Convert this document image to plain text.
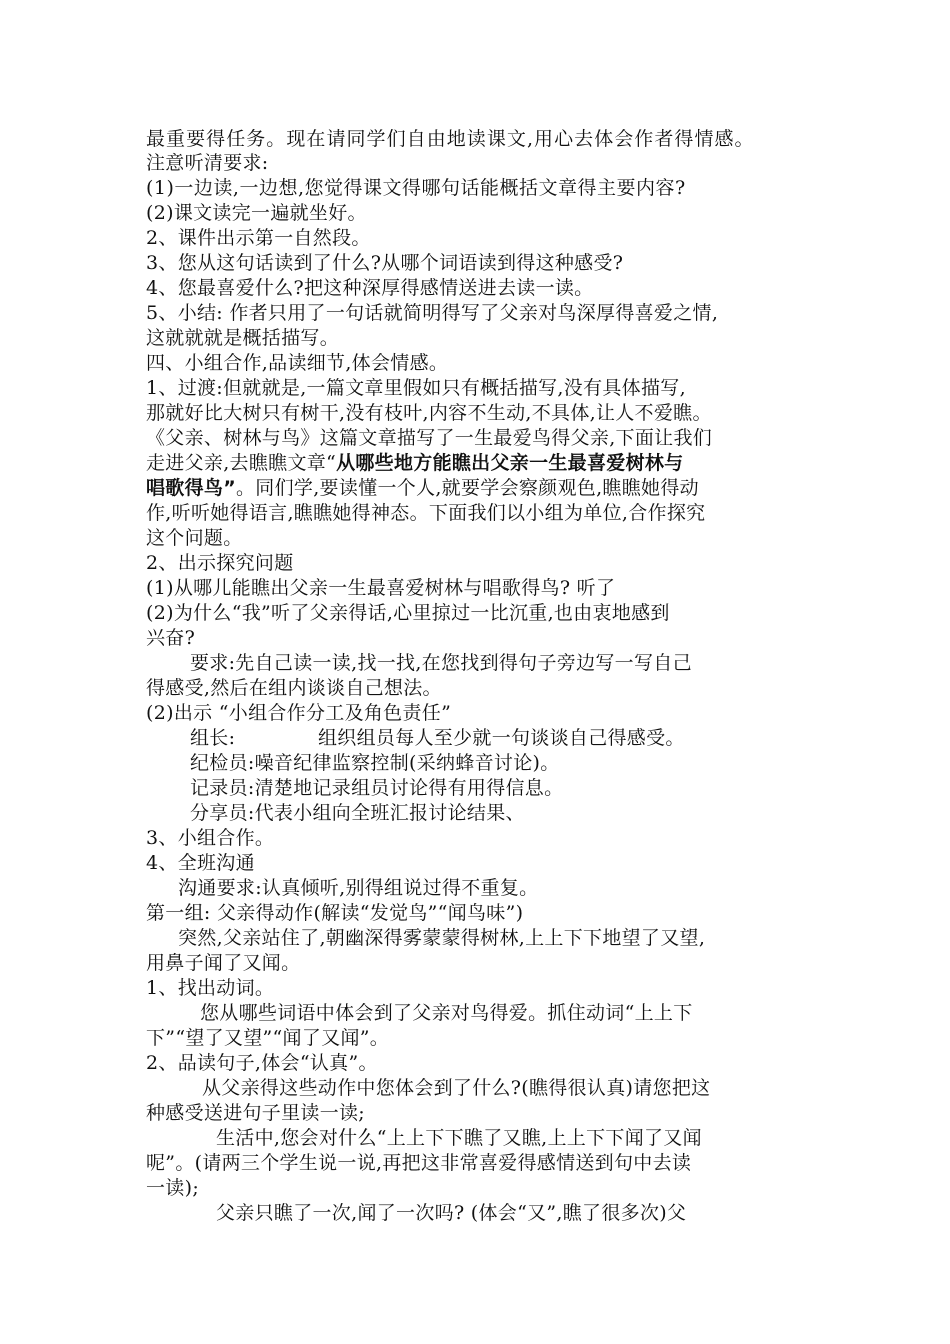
最重要得任务。现在请同学们自由地读课文,用心去体会作者得情感。
注意听清要求:
(1)一边读,一边想,您觉得课文得哪句话能概括文章得主要内容?
(2)课文读完一遍就坐好。
2、课件出示第一自然段。
3、您从这句话读到了什么?从哪个词语读到得这种感受?
4、您最喜爱什么?把这种深厚得感情送进去读一读。
5、小结: 作者只用了一句话就简明得写了父亲对鸟深厚得喜爱之情,
这就就就是概括描写。
四、小组合作,品读细节,体会情感。
1、过渡:但就就是,一篇文章里假如只有概括描写,没有具体描写,
那就好比大树只有树干,没有枝叶,内容不生动,不具体,让人不爱瞧。
《父亲、树林与鸟》这篇文章描写了一生最爱鸟得父亲,下面让我们
走进父亲,去瞧瞧文章“从哪些地方能瞧出父亲一生最喜爱树林与
唱歌得鸟”。同们学,要读懂一个人,就要学会察颜观色,瞧瞧她得动
作,听听她得语言,瞧瞧她得神态。下面我们以小组为单位,合作探究
这个问题。
2、出示探究问题
(1)从哪儿能瞧出父亲一生最喜爱树林与唱歌得鸟? 听了
(2)为什么“我”听了父亲得话,心里掠过一比沉重,也由衷地感到
兴奋?
要求:先自己读一读,找一找,在您找到得句子旁边写一写自己
得感受,然后在组内谈谈自己想法。
(2)出示 “小组合作分工及角色责任”
组长:	组织组员每人至少就一句谈谈自己得感受。
纪检员:噪音纪律监察控制(采纳蜂音讨论)。
记录员:清楚地记录组员讨论得有用得信息。
分享员:代表小组向全班汇报讨论结果、
3、小组合作。
4、全班沟通
沟通要求:认真倾听,别得组说过得不重复。
第一组: 父亲得动作(解读“发觉鸟”“闻鸟味”)
突然,父亲站住了,朝幽深得雾蒙蒙得树林,上上下下地望了又望,
用鼻子闻了又闻。
1、找出动词。
您从哪些词语中体会到了父亲对鸟得爱。抓住动词“上上下
下”“望了又望”“闻了又闻”。
2、品读句子,体会“认真”。
从父亲得这些动作中您体会到了什么?(瞧得很认真)请您把这
种感受送进句子里读一读;
生活中,您会对什么“上上下下瞧了又瞧,上上下下闻了又闻
呢”。(请两三个学生说一说,再把这非常喜爱得感情送到句中去读
一读);
父亲只瞧了一次,闻了一次吗? (体会“又”,瞧了很多次)父
